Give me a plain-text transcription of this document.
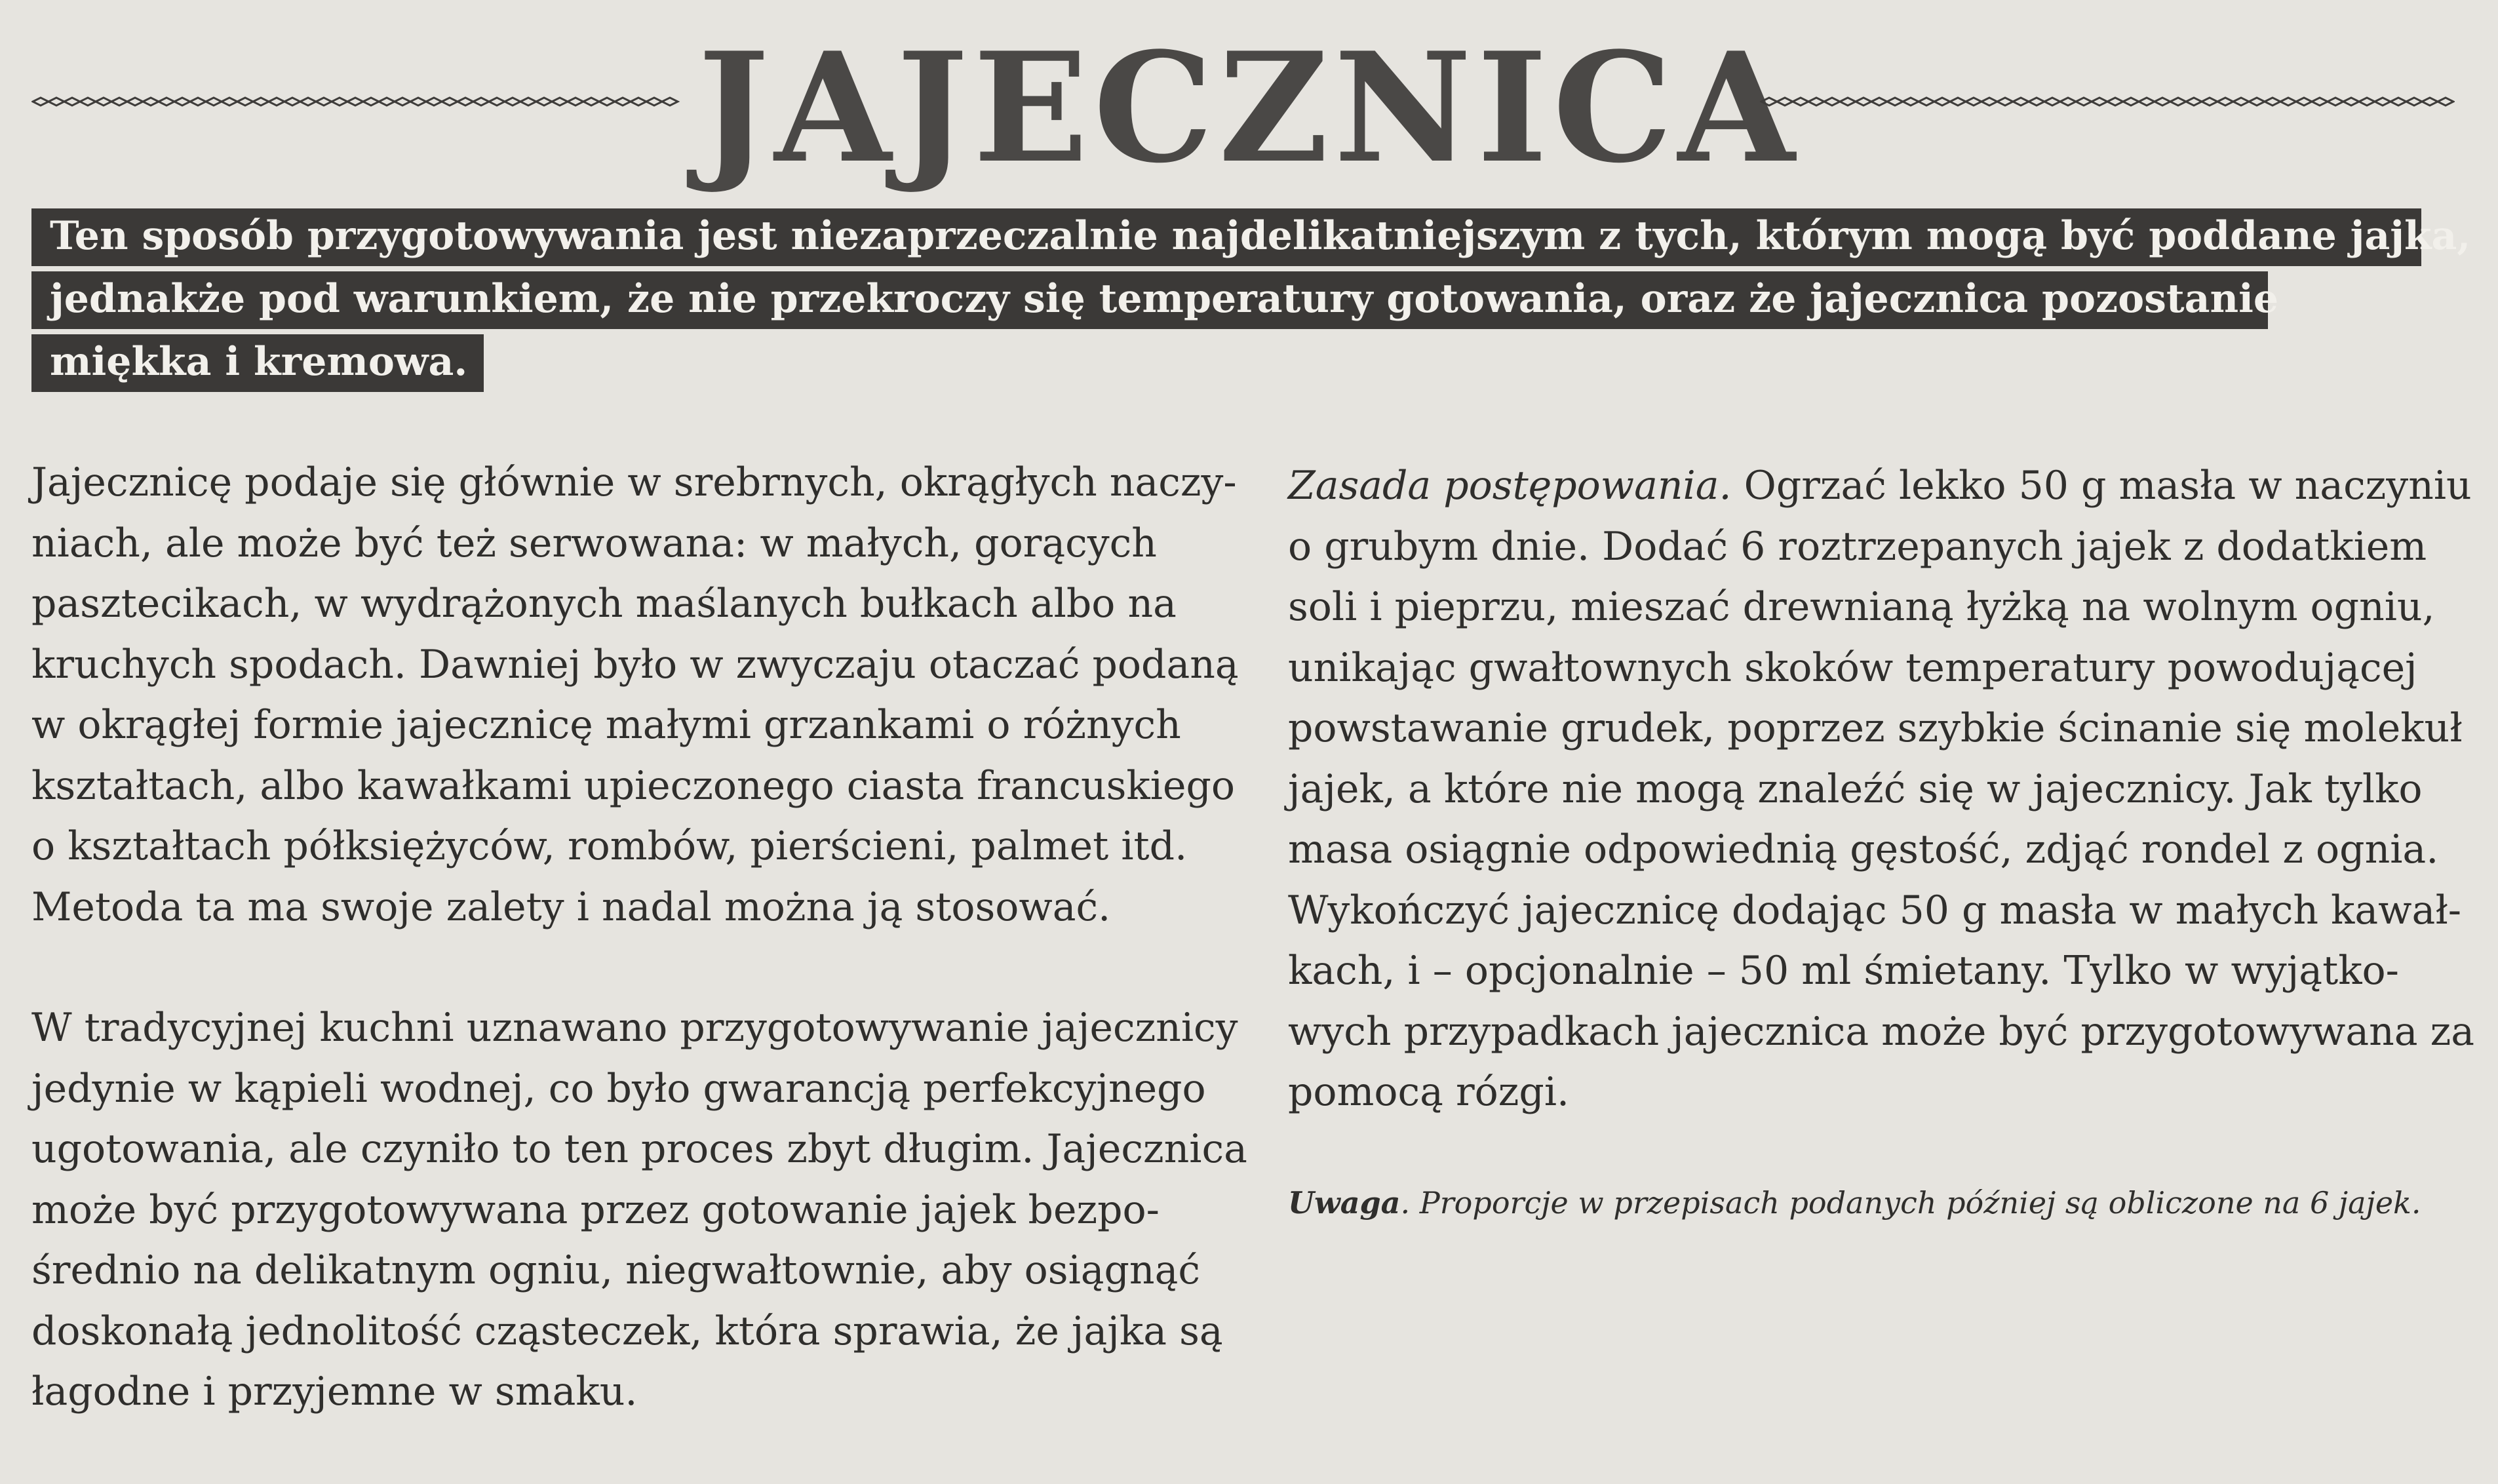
JAJECZNICA
Ten sposób przygotowywania jest niezaprzeczalnie najdelikatniejszym z tych, którym mogą być poddane jajka,
jednakże pod warunkiem, że nie przekroczy się temperatury gotowania, oraz że jajecznica pozostanie
miękka i kremowa.
Jajecznicę podaje się głównie w srebrnych, okrągłych naczy-
niach, ale może być też serwowana: w małych, gorących
pasztecikach, w wydrążonych maślanych bułkach albo na
kruchych spodach. Dawniej było w zwyczaju otaczać podaną
w okrągłej formie jajecznicę małymi grzankami o różnych
kształtach, albo kawałkami upieczonego ciasta francuskiego
o kształtach półksiężyców, rombów, pierścieni, palmet itd.
Metoda ta ma swoje zalety i nadal można ją stosować.
W tradycyjnej kuchni uznawano przygotowywanie jajecznicy
jedynie w kąpieli wodnej, co było gwarancją perfekcyjnego
ugotowania, ale czyniło to ten proces zbyt długim. Jajecznica
może być przygotowywana przez gotowanie jajek bezpo-
średnio na delikatnym ogniu, niegwałtownie, aby osiągnąć
doskonałą jednolitość cząsteczek, która sprawia, że jajka są
łagodne i przyjemne w smaku.
Zasada postępowania. Ogrzać lekko 50 g masła w naczyniu
o grubym dnie. Dodać 6 roztrzepanych jajek z dodatkiem
soli i pieprzu, mieszać drewnianą łyżką na wolnym ogniu,
unikając gwałtownych skoków temperatury powodującej
powstawanie grudek, poprzez szybkie ścinanie się molekuł
jajek, a które nie mogą znaleźć się w jajecznicy. Jak tylko
masa osiągnie odpowiednią gęstość, zdjąć rondel z ognia.
Wykończyć jajecznicę dodając 50 g masła w małych kawał-
kach, i – opcjonalnie – 50 ml śmietany. Tylko w wyjątko-
wych przypadkach jajecznica może być przygotowywana za
pomocą rózgi.
Uwaga. Proporcje w przepisach podanych później są obliczone na 6 jajek.
